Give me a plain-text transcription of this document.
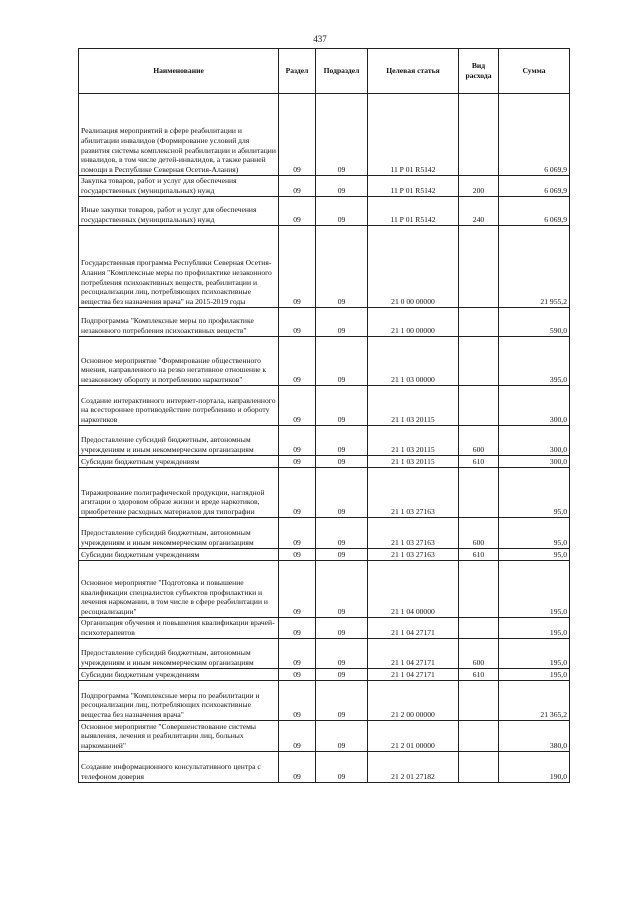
437
Наименование	Раздел	Подраздел	Целевая статья	Вид расхода	Сумма
Реализация мероприятий в сфере реабилитации и абилитации инвалидов (Формирование условий для развития системы комплексной реабилитации и абилитации инвалидов, в том числе детей-инвалидов, а также ранней помощи в Республике Северная Осетия-Алания)	09	09	11 Р 01 R5142		6 069,9
Закупка товаров, работ и услуг для обеспечения государственных (муниципальных) нужд	09	09	11 Р 01 R5142	200	6 069,9
Иные закупки товаров, работ и услуг для обеспечения государственных (муниципальных) нужд	09	09	11 Р 01 R5142	240	6 069,9
Государственная программа Республики Северная Осетия-Алания "Комплексные меры по профилактике незаконного потребления психоактивных веществ, реабилитации и ресоциализации лиц, потребляющих психоактивные вещества без назначения врача" на 2015-2019 годы	09	09	21 0 00 00000		21 955,2
Подпрограмма "Комплексные меры по профилактике незаконного потребления психоактивных веществ"	09	09	21 1 00 00000		590,0
Основное мероприятие "Формирование общественного мнения, направленного на резко негативное отношение к незаконному обороту и потреблению наркотиков"	09	09	21 1 03 00000		395,0
Создание интерактивного интернет-портала, направленного на всестороннее противодействие потреблению и обороту наркотиков	09	09	21 1 03 20115		300,0
Предоставление субсидий бюджетным, автономным учреждениям и иным некоммерческим организациям	09	09	21 1 03 20115	600	300,0
Субсидии бюджетным учреждениям	09	09	21 1 03 20115	610	300,0
Тиражирование полиграфической продукции, наглядной агитации о здоровом образе жизни и вреде наркотиков, приобретение расходных материалов для типографии	09	09	21 1 03 27163		95,0
Предоставление субсидий бюджетным, автономным учреждениям и иным некоммерческим организациям	09	09	21 1 03 27163	600	95,0
Субсидии бюджетным учреждениям	09	09	21 1 03 27163	610	95,0
Основное мероприятие "Подготовка и повышение квалификации специалистов субъектов профилактики и лечения наркомании, в том числе в сфере реабилитации и ресоциализации"	09	09	21 1 04 00000		195,0
Организация обучения и повышения квалификации врачей-психотерапевтов	09	09	21 1 04 27171		195,0
Предоставление субсидий бюджетным, автономным учреждениям и иным некоммерческим организациям	09	09	21 1 04 27171	600	195,0
Субсидии бюджетным учреждениям	09	09	21 1 04 27171	610	195,0
Подпрограмма "Комплексные меры по реабилитации и ресоциализации лиц, потребляющих психоактивные вещества без назначения врача"	09	09	21 2 00 00000		21 365,2
Основное мероприятие "Совершенствование системы выявления, лечения и реабилитации лиц, больных наркоманией"	09	09	21 2 01 00000		380,0
Создание информационного консультативного центра с телефоном доверия	09	09	21 2 01 27182		190,0
